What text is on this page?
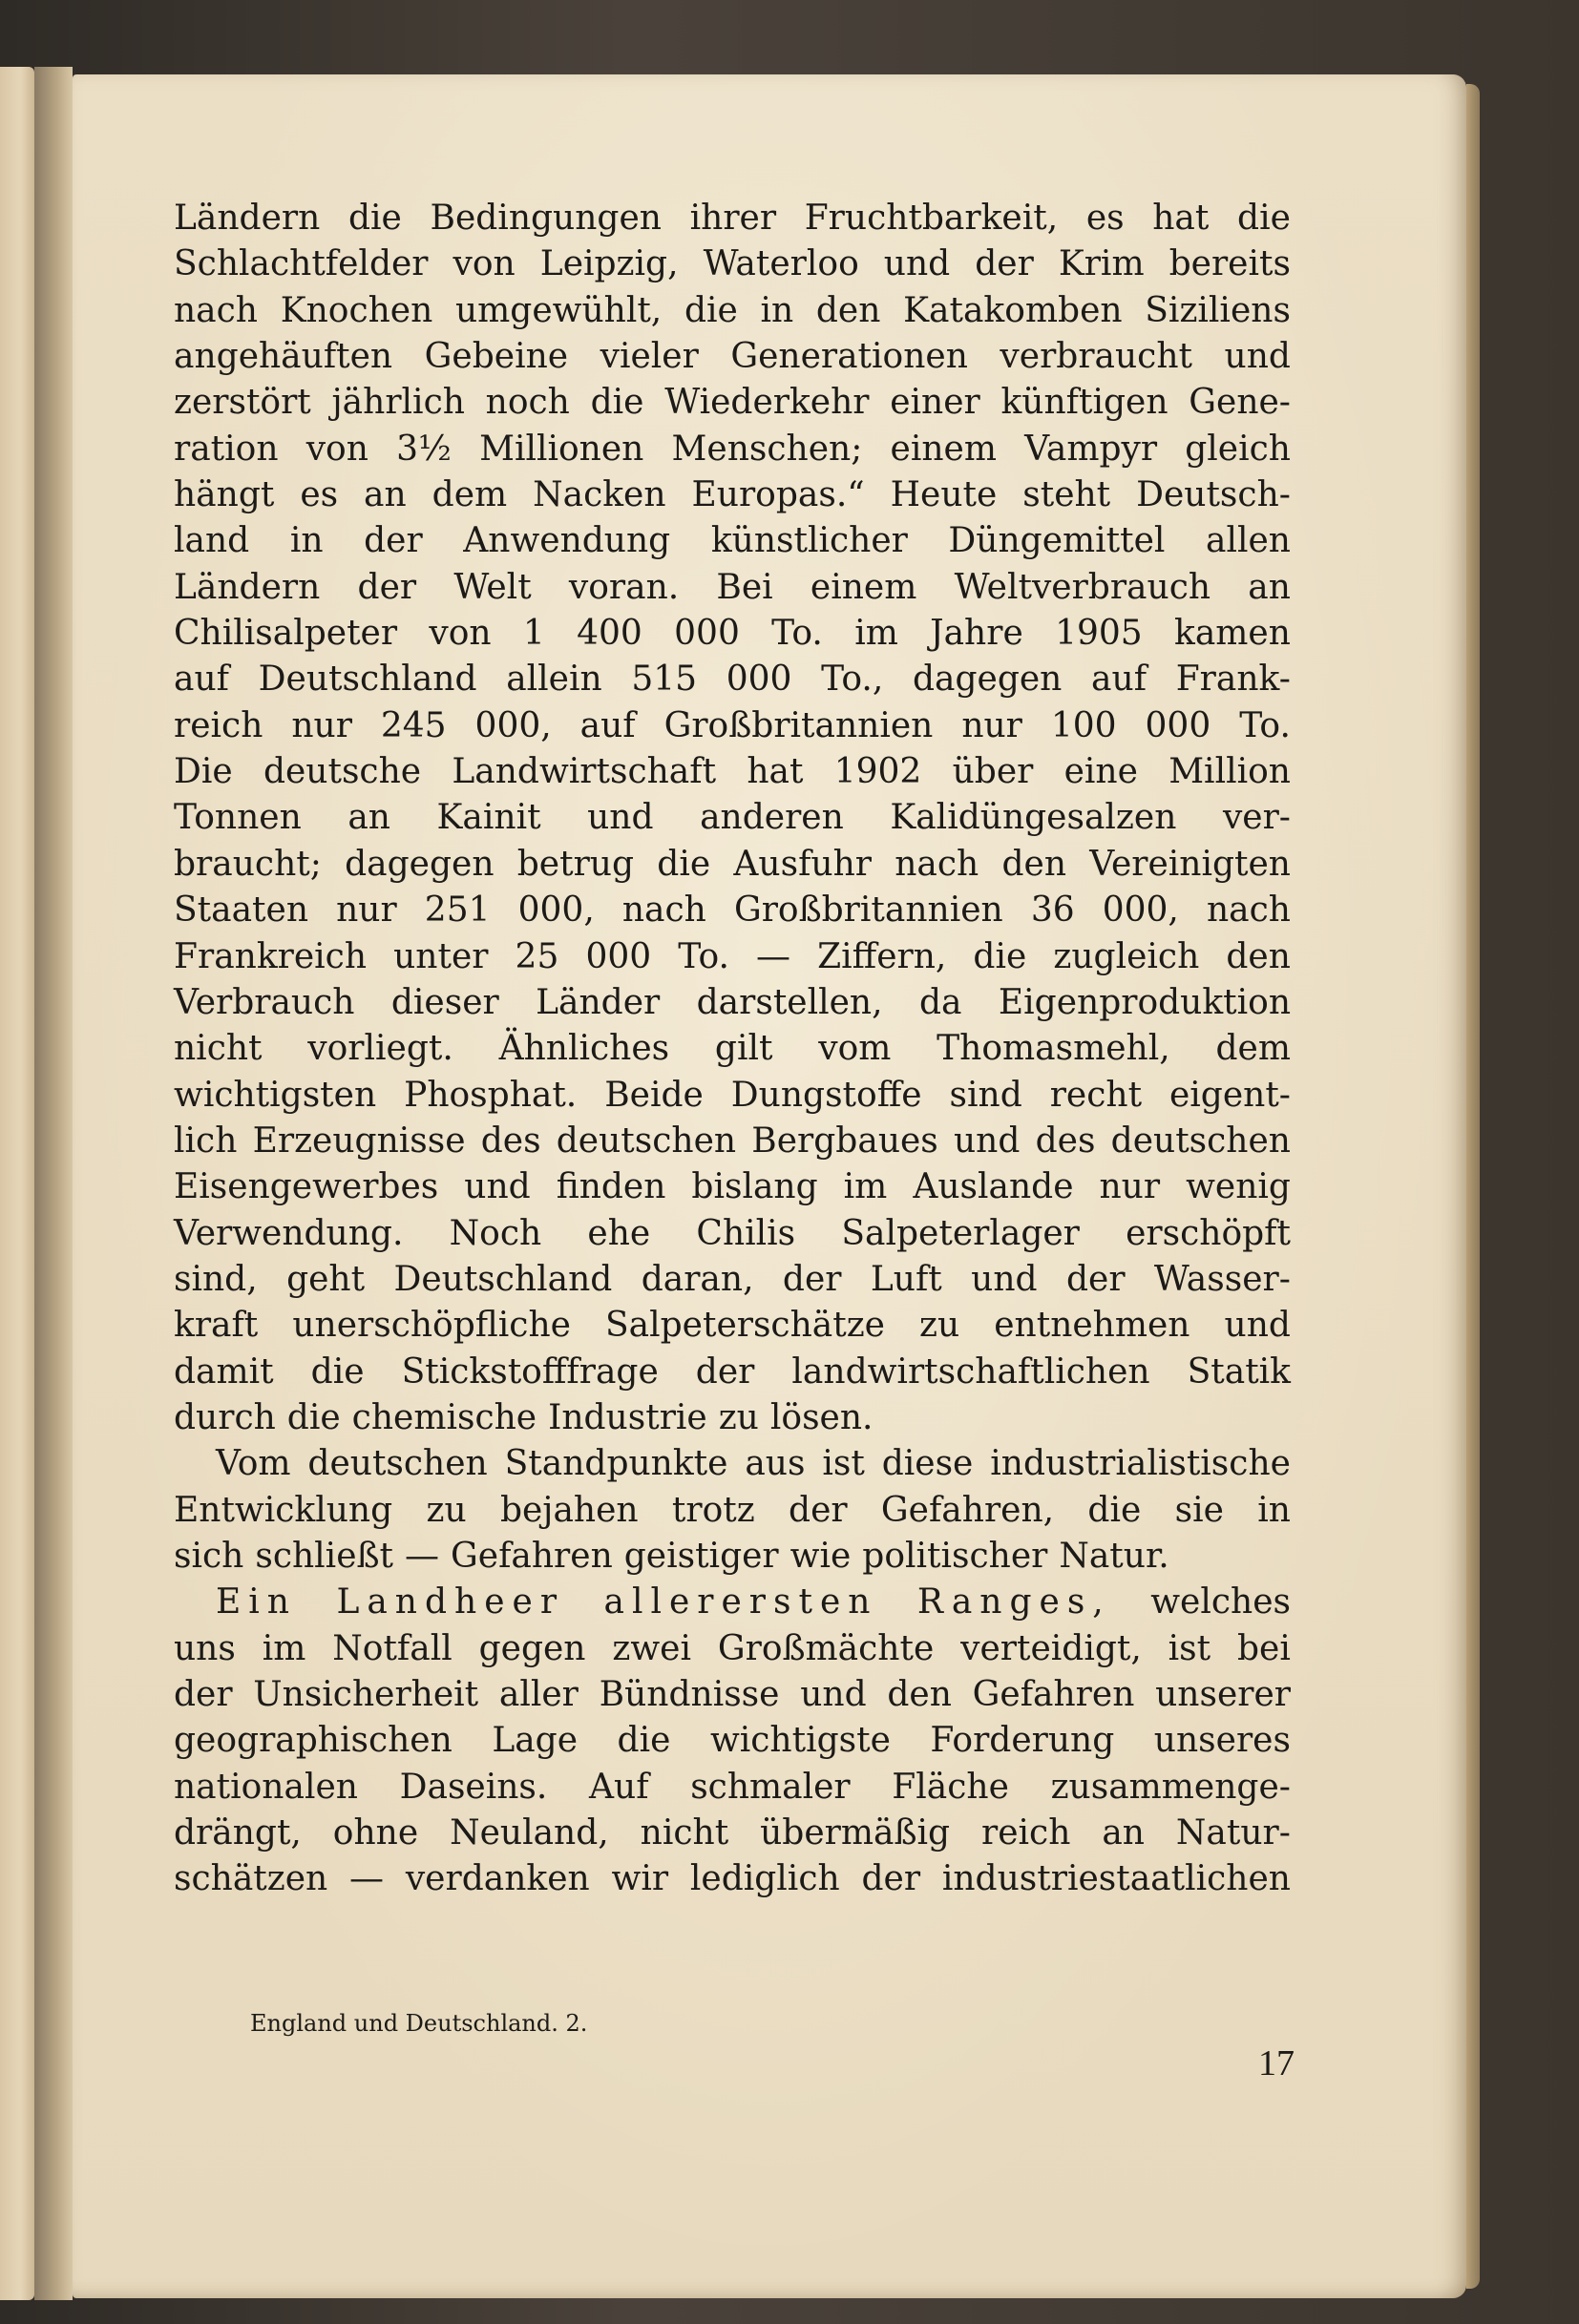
Ländern die Bedingungen ihrer Fruchtbarkeit, es hat die
Schlachtfelder von Leipzig, Waterloo und der Krim bereits
nach Knochen umgewühlt, die in den Katakomben Siziliens
angehäuften Gebeine vieler Generationen verbraucht und
zerstört jährlich noch die Wiederkehr einer künftigen Gene-
ration von 3½ Millionen Menschen; einem Vampyr gleich
hängt es an dem Nacken Europas.“ Heute steht Deutsch-
land in der Anwendung künstlicher Düngemittel allen
Ländern der Welt voran. Bei einem Weltverbrauch an
Chilisalpeter von 1 400 000 To. im Jahre 1905 kamen
auf Deutschland allein 515 000 To., dagegen auf Frank-
reich nur 245 000, auf Großbritannien nur 100 000 To.
Die deutsche Landwirtschaft hat 1902 über eine Million
Tonnen an Kainit und anderen Kalidüngesalzen ver-
braucht; dagegen betrug die Ausfuhr nach den Vereinigten
Staaten nur 251 000, nach Großbritannien 36 000, nach
Frankreich unter 25 000 To. — Ziffern, die zugleich den
Verbrauch dieser Länder darstellen, da Eigenproduktion
nicht vorliegt. Ähnliches gilt vom Thomasmehl, dem
wichtigsten Phosphat. Beide Dungstoffe sind recht eigent-
lich Erzeugnisse des deutschen Bergbaues und des deutschen
Eisengewerbes und finden bislang im Auslande nur wenig
Verwendung. Noch ehe Chilis Salpeterlager erschöpft
sind, geht Deutschland daran, der Luft und der Wasser-
kraft unerschöpfliche Salpeterschätze zu entnehmen und
damit die Stickstofffrage der landwirtschaftlichen Statik
durch die chemische Industrie zu lösen.
Vom deutschen Standpunkte aus ist diese industrialistische
Entwicklung zu bejahen trotz der Gefahren, die sie in
sich schließt — Gefahren geistiger wie politischer Natur.
Ein Landheer allerersten Ranges, welches
uns im Notfall gegen zwei Großmächte verteidigt, ist bei
der Unsicherheit aller Bündnisse und den Gefahren unserer
geographischen Lage die wichtigste Forderung unseres
nationalen Daseins. Auf schmaler Fläche zusammenge-
drängt, ohne Neuland, nicht übermäßig reich an Natur-
schätzen — verdanken wir lediglich der industriestaatlichen
England und Deutschland. 2.
17
